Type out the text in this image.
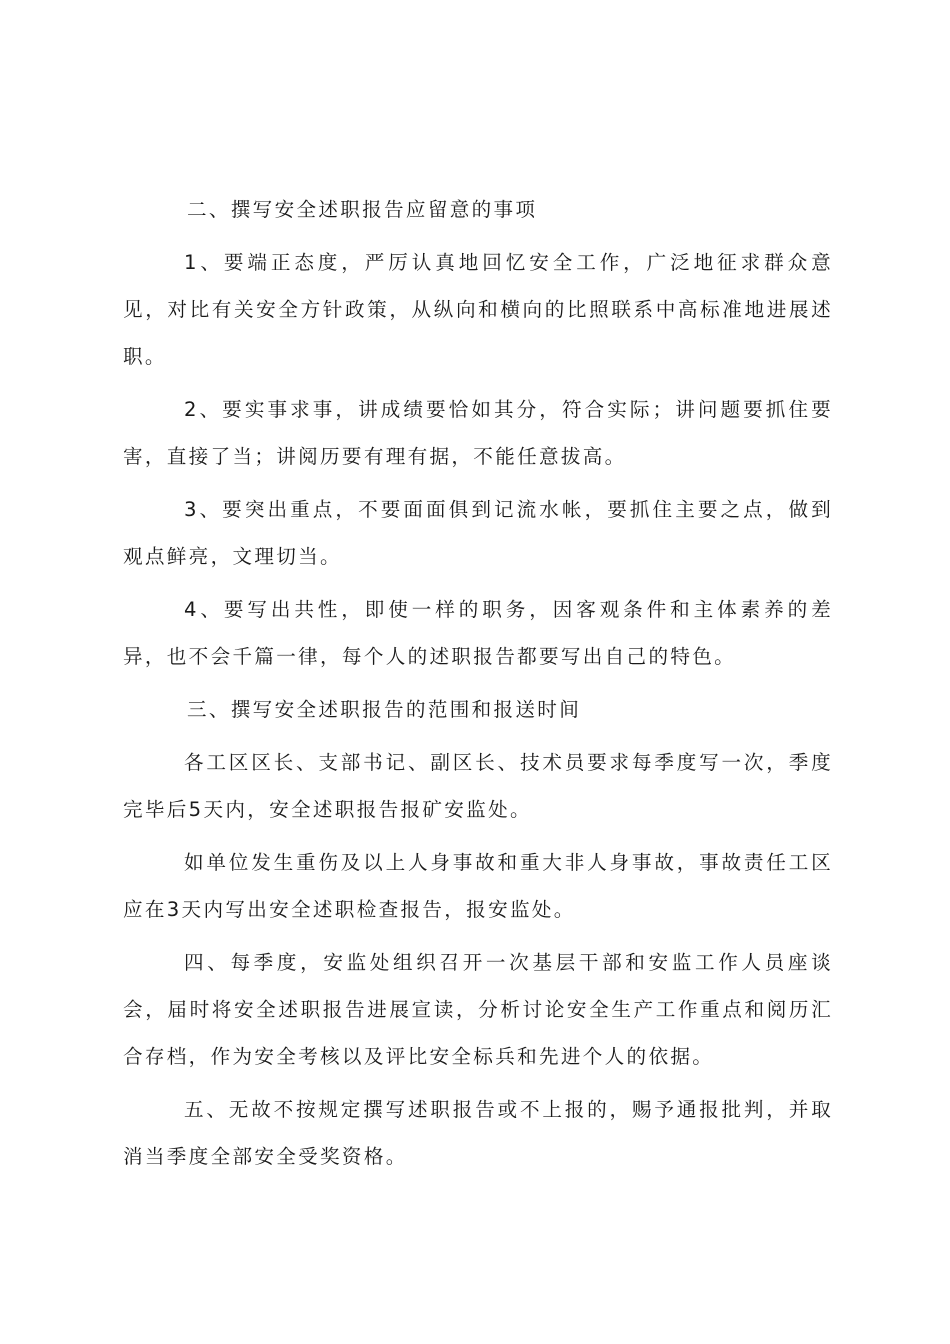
二、撰写安全述职报告应留意的事项

1、要端正态度，严厉认真地回忆安全工作，广泛地征求群众意见，对比有关安全方针政策，从纵向和横向的比照联系中高标准地进展述职。

2、要实事求事，讲成绩要恰如其分，符合实际；讲问题要抓住要害，直接了当；讲阅历要有理有据，不能任意拔高。

3、要突出重点，不要面面俱到记流水帐，要抓住主要之点，做到观点鲜亮，文理切当。

4、要写出共性，即使一样的职务，因客观条件和主体素养的差异，也不会千篇一律，每个人的述职报告都要写出自己的特色。

三、撰写安全述职报告的范围和报送时间

各工区区长、支部书记、副区长、技术员要求每季度写一次，季度完毕后5天内，安全述职报告报矿安监处。

如单位发生重伤及以上人身事故和重大非人身事故，事故责任工区应在3天内写出安全述职检查报告，报安监处。

四、每季度，安监处组织召开一次基层干部和安监工作人员座谈会，届时将安全述职报告进展宣读，分析讨论安全生产工作重点和阅历汇合存档，作为安全考核以及评比安全标兵和先进个人的依据。

五、无故不按规定撰写述职报告或不上报的，赐予通报批判，并取消当季度全部安全受奖资格。
